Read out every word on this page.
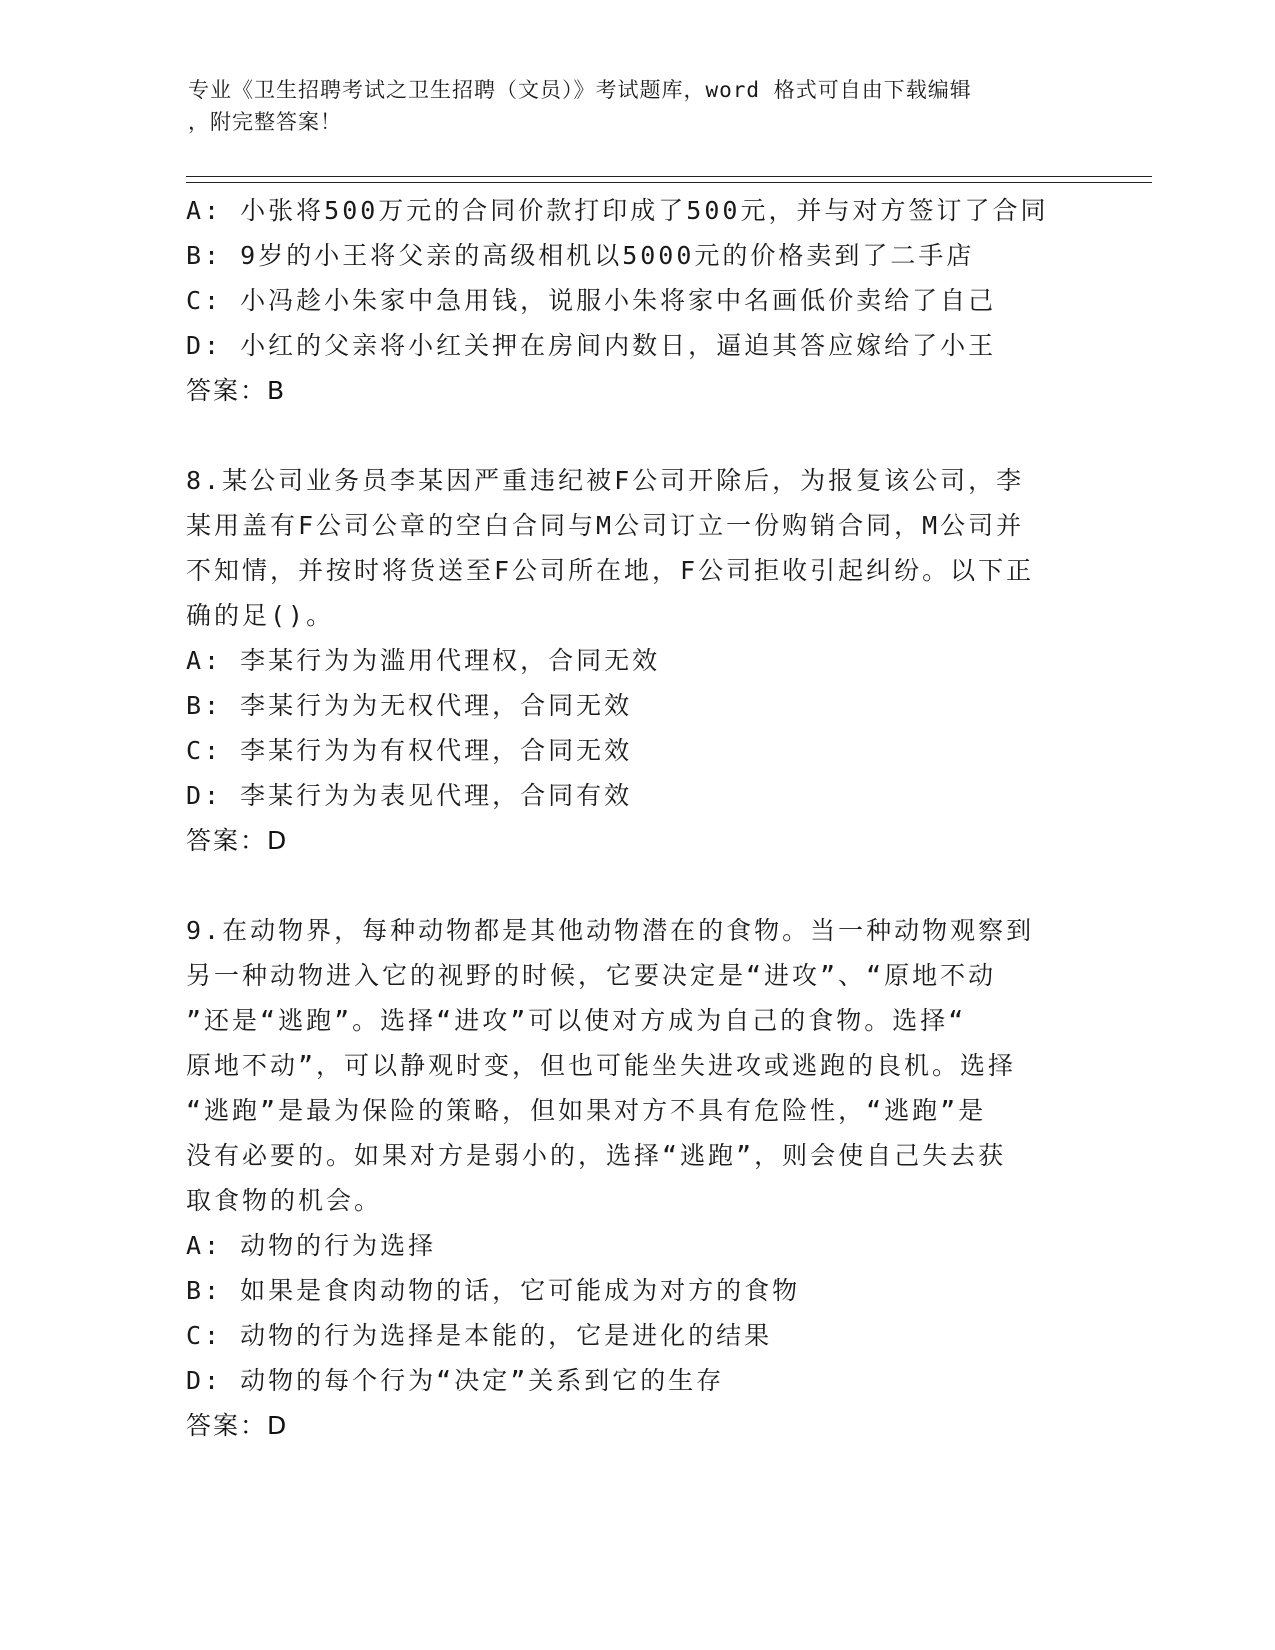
专业《卫生招聘考试之卫生招聘（文员）》考试题库，word 格式可自由下载编辑
，附完整答案！
A: 小张将500万元的合同价款打印成了500元，并与对方签订了合同
B: 9岁的小王将父亲的高级相机以5000元的价格卖到了二手店
C: 小冯趁小朱家中急用钱，说服小朱将家中名画低价卖给了自己
D: 小红的父亲将小红关押在房间内数日，逼迫其答应嫁给了小王
答案：B
8.某公司业务员李某因严重违纪被F公司开除后，为报复该公司，李
某用盖有F公司公章的空白合同与M公司订立一份购销合同，M公司并
不知情，并按时将货送至F公司所在地，F公司拒收引起纠纷。以下正
确的足()。
A: 李某行为为滥用代理权，合同无效
B: 李某行为为无权代理，合同无效
C: 李某行为为有权代理，合同无效
D: 李某行为为表见代理，合同有效
答案：D
9.在动物界，每种动物都是其他动物潜在的食物。当一种动物观察到
另一种动物进入它的视野的时候，它要决定是“进攻”、“原地不动
”还是“逃跑”。选择“进攻”可以使对方成为自己的食物。选择“
原地不动”，可以静观时变，但也可能坐失进攻或逃跑的良机。选择
“逃跑”是最为保险的策略，但如果对方不具有危险性，“逃跑”是
没有必要的。如果对方是弱小的，选择“逃跑”，则会使自己失去获
取食物的机会。
A: 动物的行为选择
B: 如果是食肉动物的话，它可能成为对方的食物
C: 动物的行为选择是本能的，它是进化的结果
D: 动物的每个行为“决定”关系到它的生存
答案：D
